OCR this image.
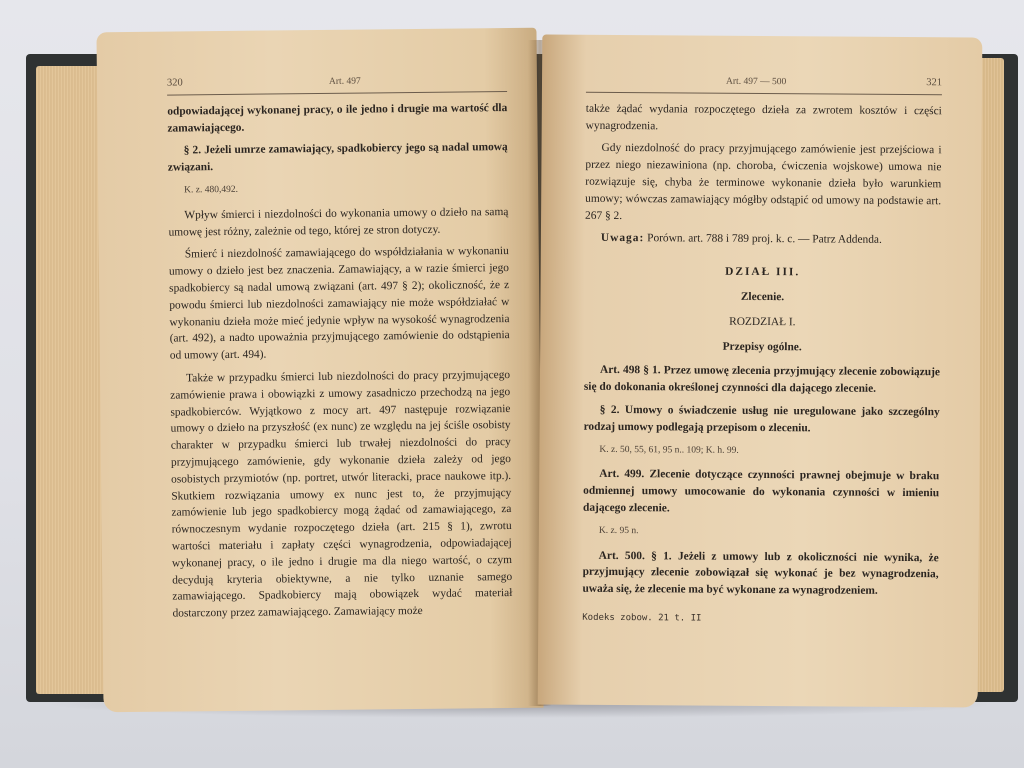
320	Art. 497

odpowiadającej wykonanej pracy, o ile jedno i drugie ma wartość dla zamawiającego.

§ 2. Jeżeli umrze zamawiający, spadkobiercy jego są nadal umową związani.

K. z. 480,492.

Wpływ śmierci i niezdolności do wykonania umowy o dzieło na samą umowę jest różny, zależnie od tego, której ze stron dotyczy.

Śmierć i niezdolność zamawiającego do współdziałania w wykonaniu umowy o dzieło jest bez znaczenia. Zamawiający, a w razie śmierci jego spadkobiercy są nadal umową związani (art. 497 § 2); okoliczność, że z powodu śmierci lub niezdolności zamawiający nie może współdziałać w wykonaniu dzieła może mieć jedynie wpływ na wysokość wynagrodzenia (art. 492), a nadto upoważnia przyjmującego zamówienie do odstąpienia od umowy (art. 494).

Także w przypadku śmierci lub niezdolności do pracy przyjmującego zamówienie prawa i obowiązki z umowy zasadniczo przechodzą na jego spadkobierców. Wyjątkowo z mocy art. 497 następuje rozwiązanie umowy o dzieło na przyszłość (ex nunc) ze względu na jej ściśle osobisty charakter w przypadku śmierci lub trwałej niezdolności do pracy przyjmującego zamówienie, gdy wykonanie dzieła zależy od jego osobistych przymiotów (np. portret, utwór literacki, prace naukowe itp.). Skutkiem rozwiązania umowy ex nunc jest to, że przyjmujący zamówienie lub jego spadkobiercy mogą żądać od zamawiającego, za równoczesnym wydanie rozpoczętego dzieła (art. 215 § 1), zwrotu wartości materiału i zapłaty części wynagrodzenia, odpowiadającej wykonanej pracy, o ile jedno i drugie ma dla niego wartość, o czym decydują kryteria obiektywne, a nie tylko uznanie samego zamawiającego. Spadkobiercy mają obowiązek wydać materiał dostarczony przez zamawiającego. Zamawiający może

Art. 497 — 500	321

także żądać wydania rozpoczętego dzieła za zwrotem kosztów i części wynagrodzenia.

Gdy niezdolność do pracy przyjmującego zamówienie jest przejściowa i przez niego niezawiniona (np. choroba, ćwiczenia wojskowe) umowa nie rozwiązuje się, chyba że terminowe wykonanie dzieła było warunkiem umowy; wówczas zamawiający mógłby odstąpić od umowy na podstawie art. 267 § 2.

Uwaga: Porówn. art. 788 i 789 proj. k. c. — Patrz Addenda.

DZIAŁ III.
Zlecenie.
ROZDZIAŁ I.
Przepisy ogólne.

Art. 498 § 1. Przez umowę zlecenia przyjmujący zlecenie zobowiązuje się do dokonania określonej czynności dla dającego zlecenie.

§ 2. Umowy o świadczenie usług nie uregulowane jako szczególny rodzaj umowy podlegają przepisom o zleceniu.

K. z. 50, 55, 61, 95 n.. 109; K. h. 99.

Art. 499. Zlecenie dotyczące czynności prawnej obejmuje w braku odmiennej umowy umocowanie do wykonania czynności w imieniu dającego zlecenie.

K. z. 95 n.

Art. 500. § 1. Jeżeli z umowy lub z okoliczności nie wynika, że przyjmujący zlecenie zobowiązał się wykonać je bez wynagrodzenia, uważa się, że zlecenie ma być wykonane za wynagrodzeniem.

Kodeks zobow. 21 t. II
